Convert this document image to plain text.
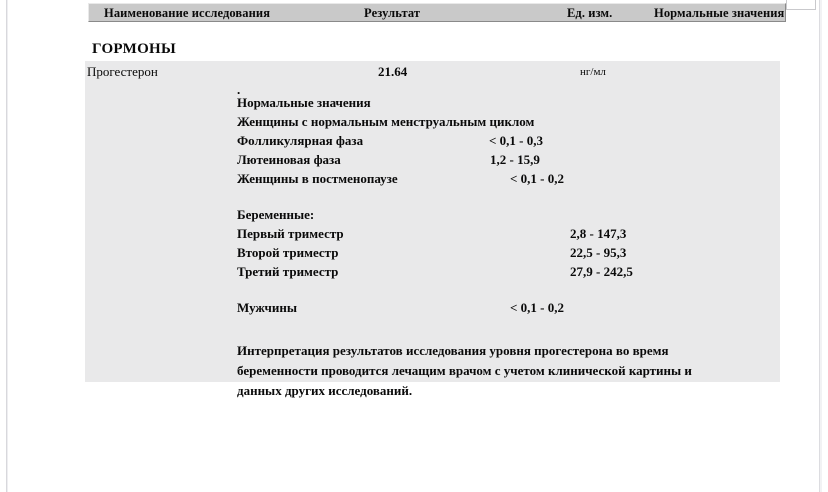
Наименование исследования	Результат	Ед. изм.	Нормальные значения
ГОРМОНЫ
Прогестерон	21.64	нг/мл
.
Нормальные значения
Женщины с нормальным менструальным циклом
Фолликулярная фаза	< 0,1 - 0,3
Лютеиновая фаза	1,2 - 15,9
Женщины в постменопаузе	< 0,1 - 0,2
Беременные:
Первый триместр	2,8 - 147,3
Второй триместр	22,5 - 95,3
Третий триместр	27,9 - 242,5
Мужчины	< 0,1 - 0,2
Интерпретация результатов исследования уровня прогестерона во время беременности проводится лечащим врачом с учетом клинической картины и данных других исследований.
